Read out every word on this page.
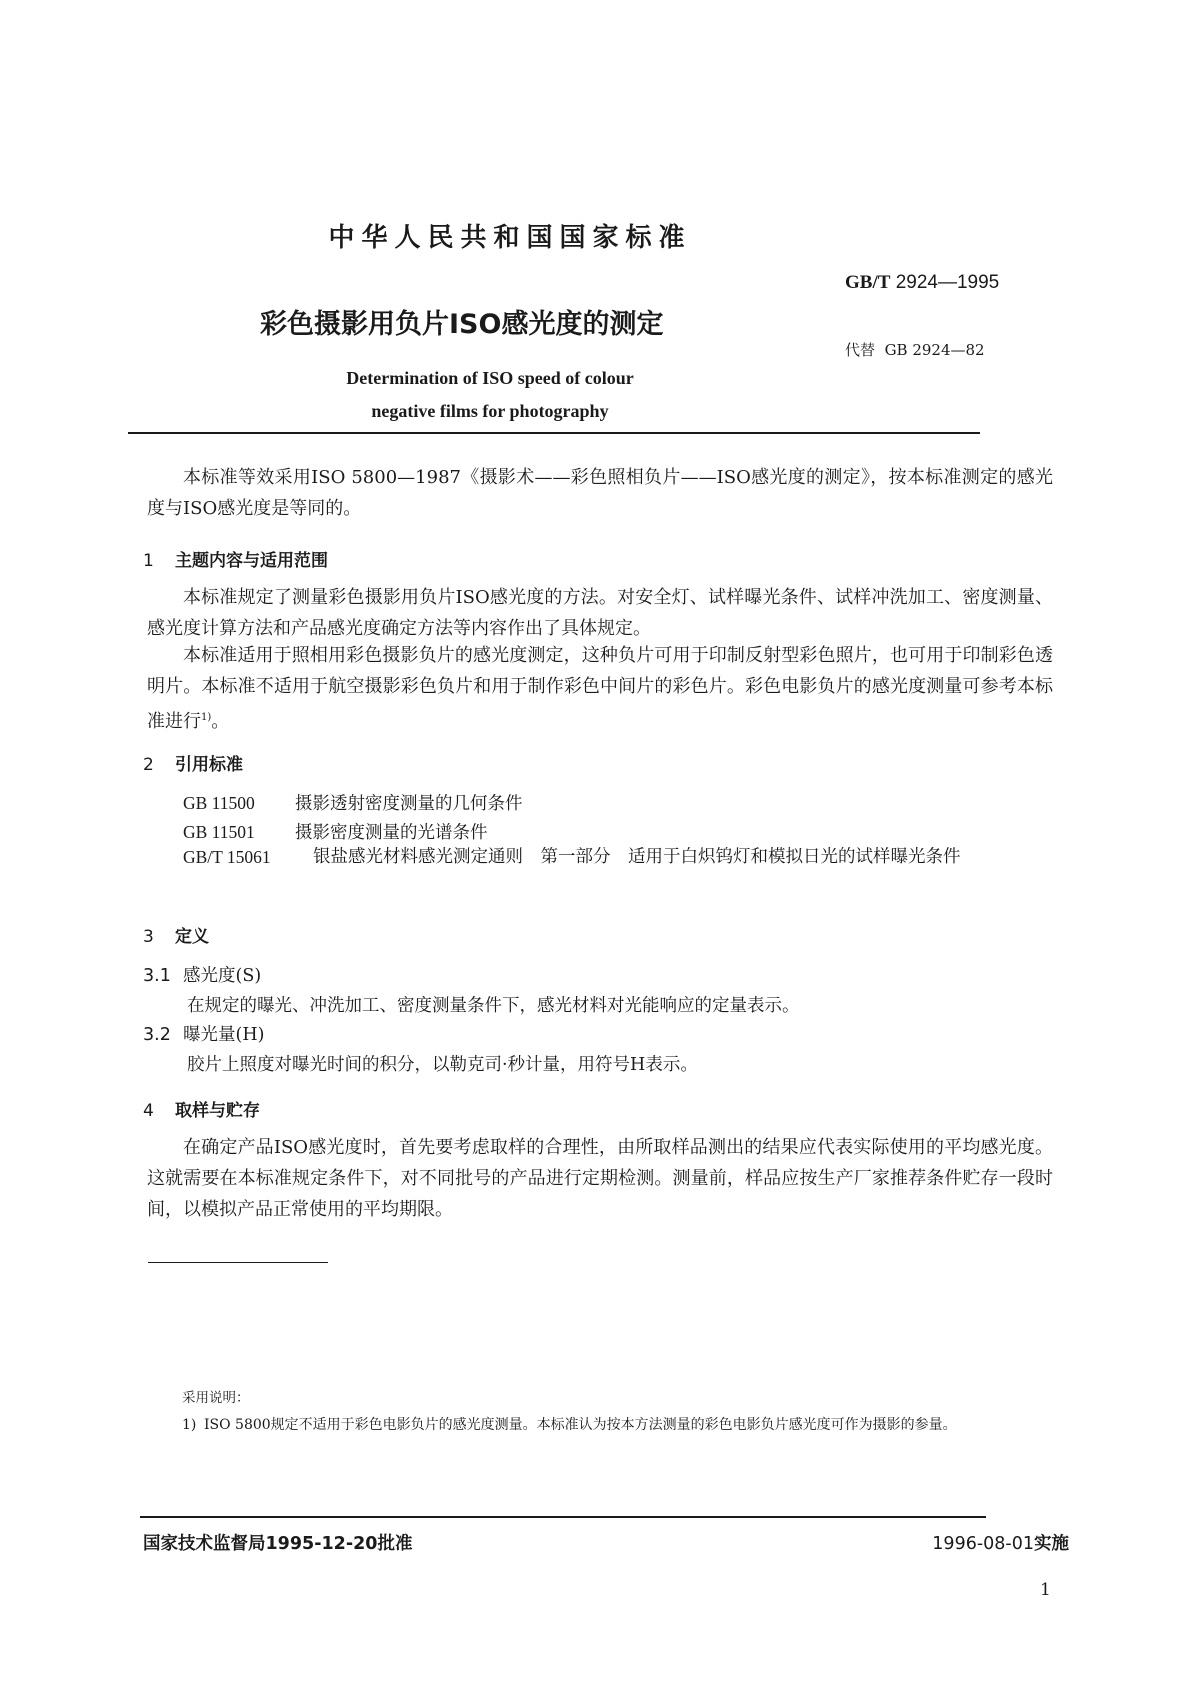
中华人民共和国国家标准
GB/T 2924—1995
彩色摄影用负片ISO感光度的测定
代替 GB 2924—82
Determination of ISO speed of colour
negative films for photography

本标准等效采用ISO 5800—1987《摄影术——彩色照相负片——ISO感光度的测定》，按本标准测定的感光度与ISO感光度是等同的。

1 主题内容与适用范围

本标准规定了测量彩色摄影用负片ISO感光度的方法。对安全灯、试样曝光条件、试样冲洗加工、密度测量、感光度计算方法和产品感光度确定方法等内容作出了具体规定。

本标准适用于照相用彩色摄影负片的感光度测定，这种负片可用于印制反射型彩色照片，也可用于印制彩色透明片。本标准不适用于航空摄影彩色负片和用于制作彩色中间片的彩色片。彩色电影负片的感光度测量可参考本标准进行$^{1)}$。

2 引用标准
GB 11500 摄影透射密度测量的几何条件
GB 11501 摄影密度测量的光谱条件
GB/T 15061 银盐感光材料感光测定通则　第一部分　适用于白炽钨灯和模拟日光的试样曝光条件
3 定义
3.1 感光度(S)
在规定的曝光、冲洗加工、密度测量条件下，感光材料对光能响应的定量表示。
3.2 曝光量(H)
胶片上照度对曝光时间的积分，以勒克司·秒计量，用符号H表示。
4 取样与贮存

在确定产品ISO感光度时，首先要考虑取样的合理性，由所取样品测出的结果应代表实际使用的平均感光度。这就需要在本标准规定条件下，对不同批号的产品进行定期检测。测量前，样品应按生产厂家推荐条件贮存一段时间，以模拟产品正常使用的平均期限。

采用说明：
1) ISO 5800规定不适用于彩色电影负片的感光度测量。本标准认为按本方法测量的彩色电影负片感光度可作为摄影的参量。
国家技术监督局1995-12-20批准	1996-08-01实施
1
